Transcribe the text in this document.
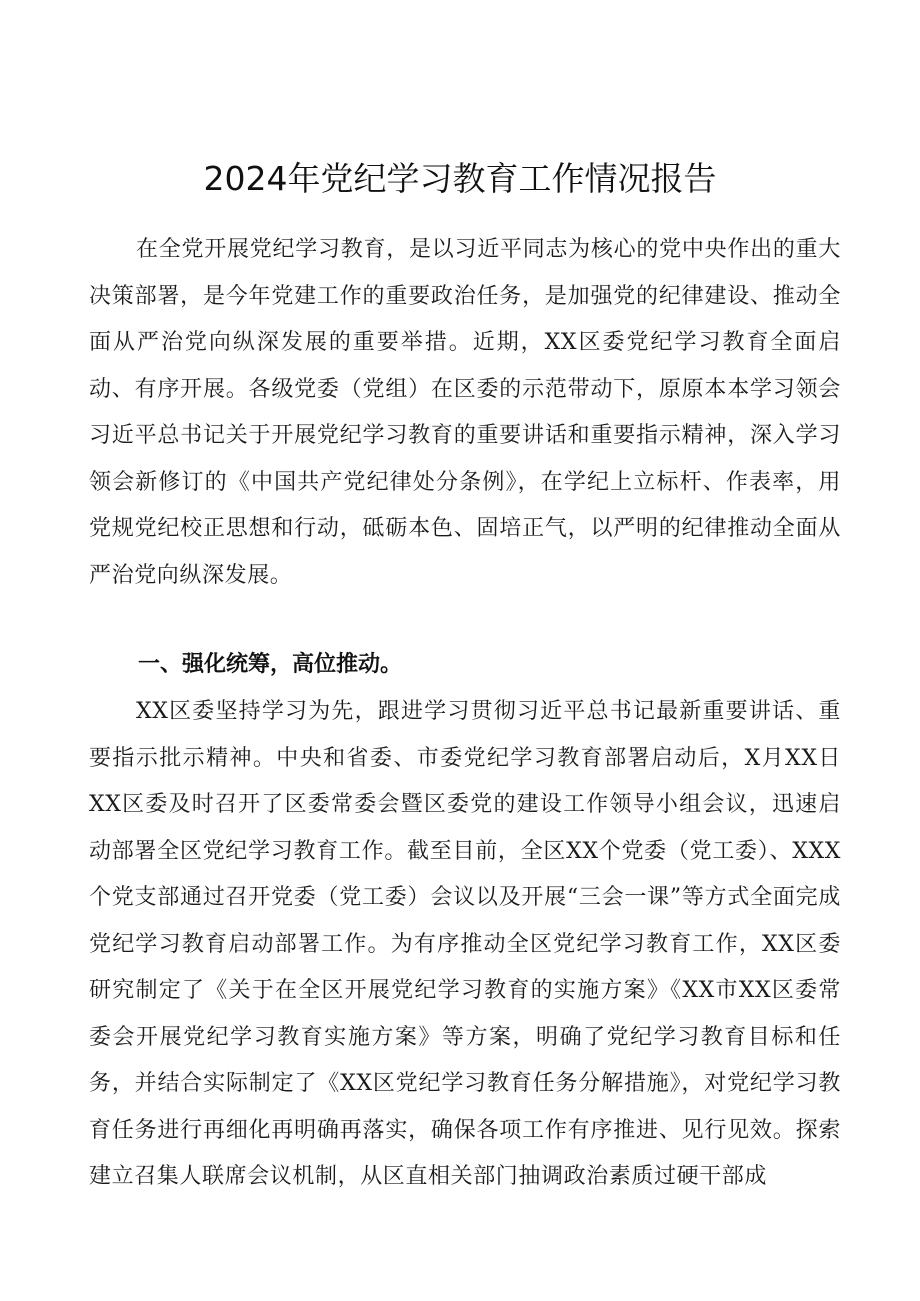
2024年党纪学习教育工作情况报告

在全党开展党纪学习教育，是以习近平同志为核心的党中央作出的重大决策部署，是今年党建工作的重要政治任务，是加强党的纪律建设、推动全面从严治党向纵深发展的重要举措。近期，XX区委党纪学习教育全面启动、有序开展。各级党委（党组）在区委的示范带动下，原原本本学习领会习近平总书记关于开展党纪学习教育的重要讲话和重要指示精神，深入学习领会新修订的《中国共产党纪律处分条例》，在学纪上立标杆、作表率，用党规党纪校正思想和行动，砥砺本色、固培正气，以严明的纪律推动全面从严治党向纵深发展。

一、强化统筹，高位推动。

XX区委坚持学习为先，跟进学习贯彻习近平总书记最新重要讲话、重要指示批示精神。中央和省委、市委党纪学习教育部署启动后，X月XX日XX区委及时召开了区委常委会暨区委党的建设工作领导小组会议，迅速启动部署全区党纪学习教育工作。截至目前，全区XX个党委（党工委）、XXX个党支部通过召开党委（党工委）会议以及开展“三会一课”等方式全面完成党纪学习教育启动部署工作。为有序推动全区党纪学习教育工作，XX区委研究制定了《关于在全区开展党纪学习教育的实施方案》《XX市XX区委常委会开展党纪学习教育实施方案》等方案，明确了党纪学习教育目标和任务，并结合实际制定了《XX区党纪学习教育任务分解措施》，对党纪学习教育任务进行再细化再明确再落实，确保各项工作有序推进、见行见效。探索建立召集人联席会议机制，从区直相关部门抽调政治素质过硬干部成
